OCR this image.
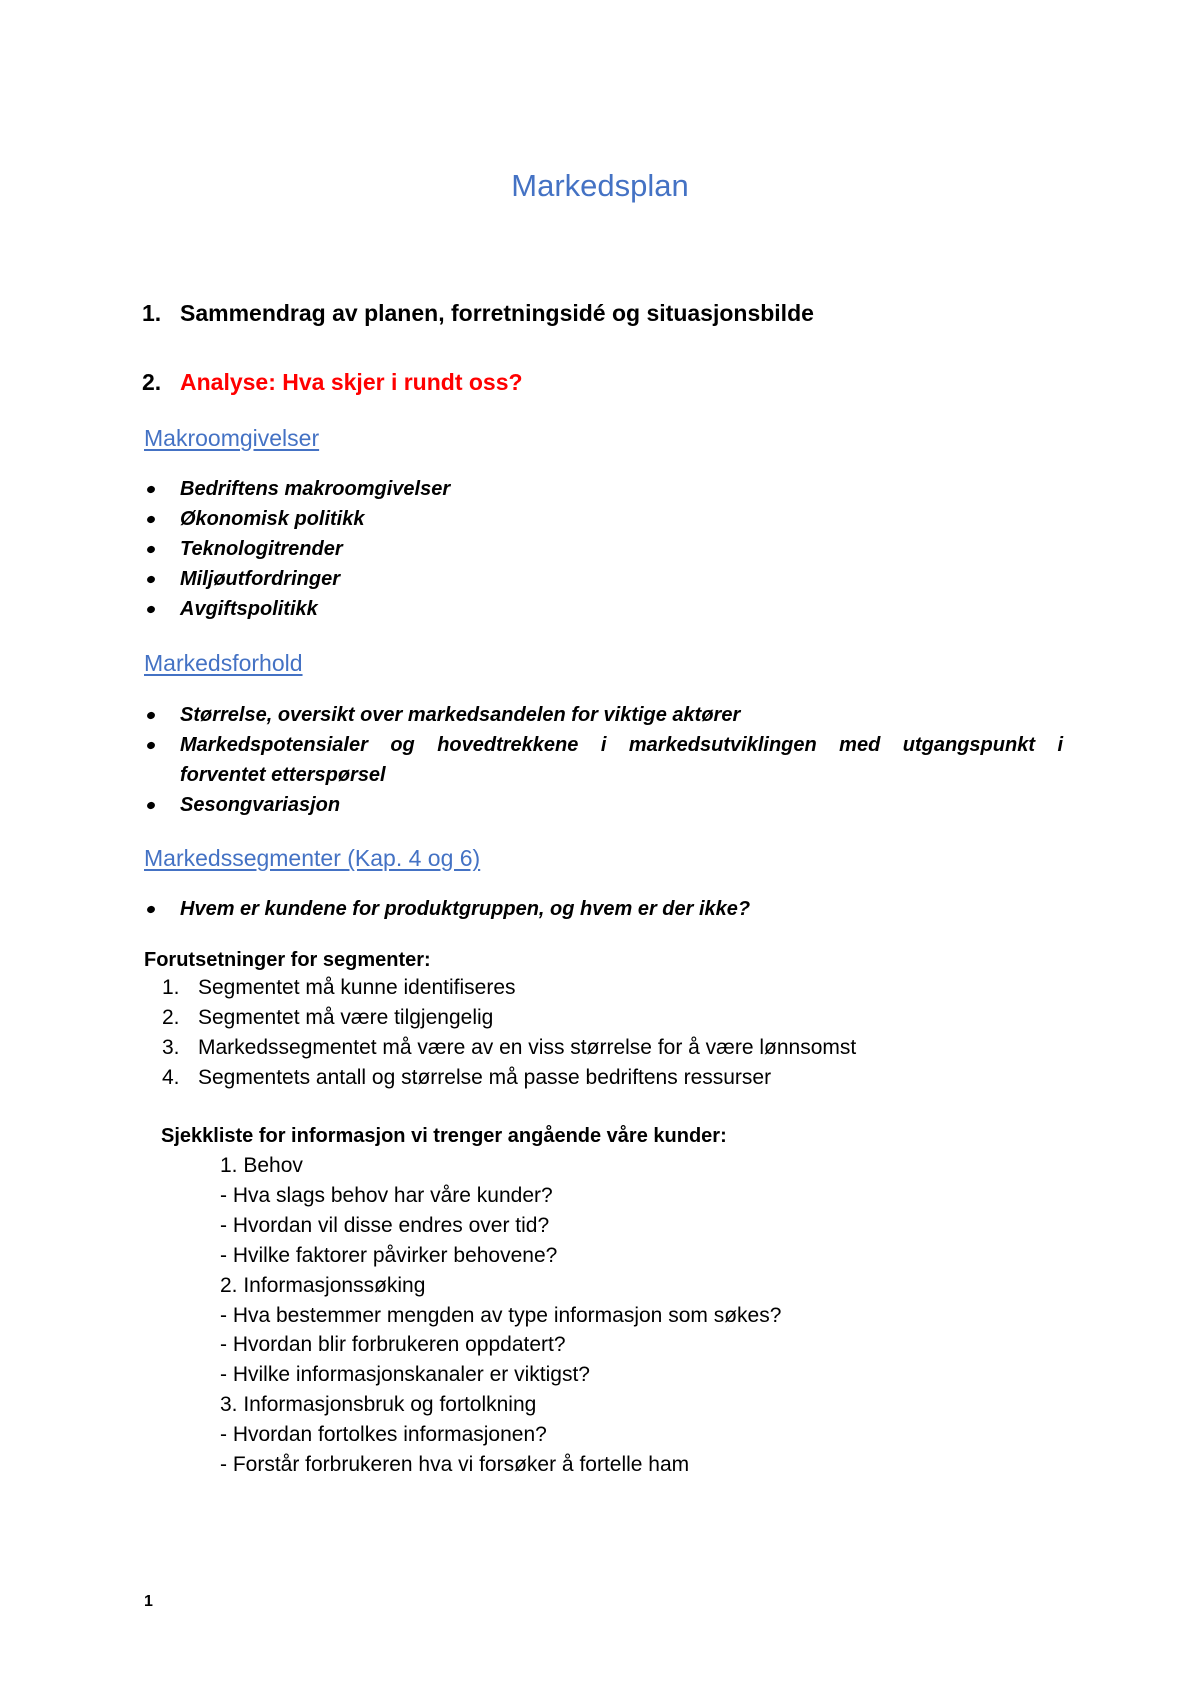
Markedsplan
1. Sammendrag av planen, forretningsidé og situasjonsbilde
2. Analyse: Hva skjer i rundt oss?
Makroomgivelser
Bedriftens makroomgivelser
Økonomisk politikk
Teknologitrender
Miljøutfordringer
Avgiftspolitikk
Markedsforhold
Størrelse, oversikt over markedsandelen for viktige aktører
Markedspotensialer og hovedtrekkene i markedsutviklingen med utgangspunkt i
forventet etterspørsel
Sesongvariasjon
Markedssegmenter (Kap. 4 og 6)
Hvem er kundene for produktgruppen, og hvem er der ikke?

Forutsetninger for segmenter:

1. Segmentet må kunne identifiseres
2. Segmentet må være tilgjengelig
3. Markedssegmentet må være av en viss størrelse for å være lønnsomst
4. Segmentets antall og størrelse må passe bedriftens ressurser

Sjekkliste for informasjon vi trenger angående våre kunder:

1. Behov
- Hva slags behov har våre kunder?
- Hvordan vil disse endres over tid?
- Hvilke faktorer påvirker behovene?
2. Informasjonssøking
- Hva bestemmer mengden av type informasjon som søkes?
- Hvordan blir forbrukeren oppdatert?
- Hvilke informasjonskanaler er viktigst?
3. Informasjonsbruk og fortolkning
- Hvordan fortolkes informasjonen?
- Forstår forbrukeren hva vi forsøker å fortelle ham

1
